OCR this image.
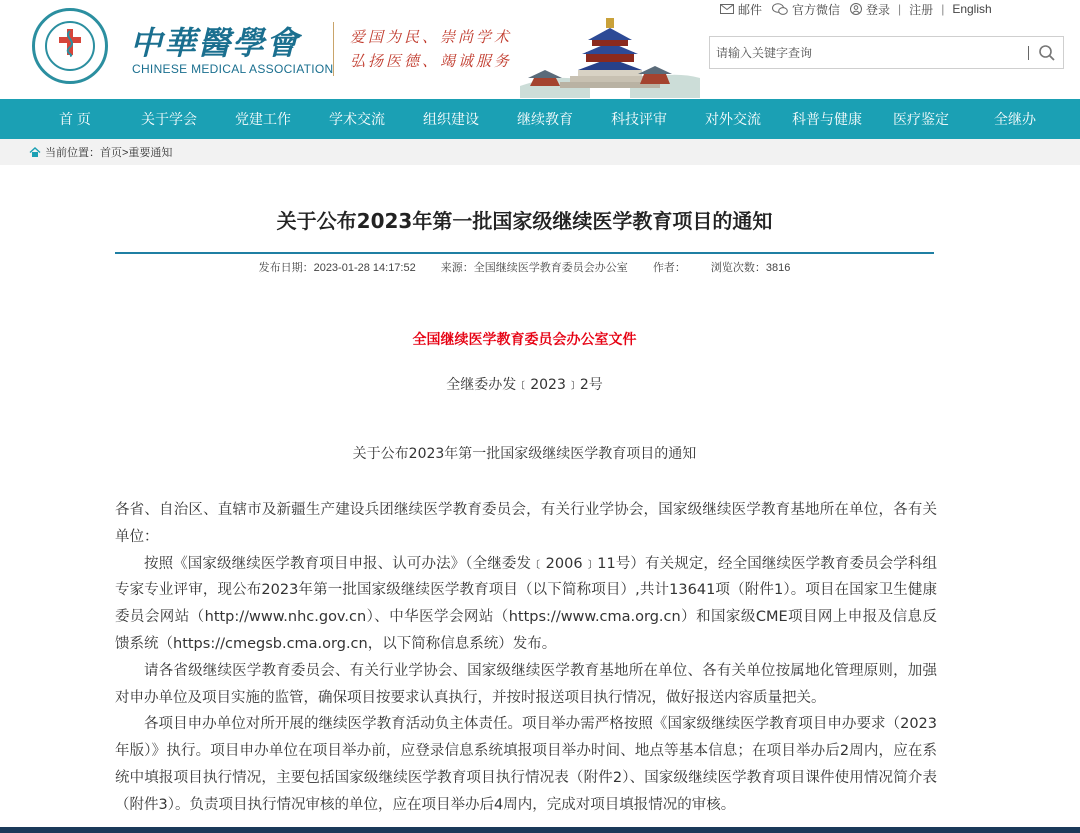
中華醫學會
CHINESE MEDICAL ASSOCIATION
爱国为民、崇尚学术
弘扬医德、竭诚服务
邮件	官方微信 登录 | 注册 | English
请输入关键字查询
首 页	关于学会	党建工作	学术交流	组织建设	继续教育	科技评审	对外交流 科普与健康 医疗鉴定	全继办
当前位置：首页>重要通知
关于公布2023年第一批国家级继续医学教育项目的通知
发布日期：2023-01-28 14:17:52 来源：全国继续医学教育委员会办公室 作者： 浏览次数：3816
全国继续医学教育委员会办公室文件
全继委办发﹝2023﹞2号
关于公布2023年第一批国家级继续医学教育项目的通知

各省、自治区、直辖市及新疆生产建设兵团继续医学教育委员会，有关行业学协会，国家级继续医学教育基地所在单位，各有关单位：

按照《国家级继续医学教育项目申报、认可办法》（全继委发﹝2006﹞11号）有关规定，经全国继续医学教育委员会学科组专家专业评审，现公布2023年第一批国家级继续医学教育项目（以下简称项目）,共计13641项（附件1）。项目在国家卫生健康委员会网站（http://www.nhc.gov.cn）、中华医学会网站（https://www.cma.org.cn）和国家级CME项目网上申报及信息反馈系统（https://cmegsb.cma.org.cn，以下简称信息系统）发布。

请各省级继续医学教育委员会、有关行业学协会、国家级继续医学教育基地所在单位、各有关单位按属地化管理原则，加强对申办单位及项目实施的监管，确保项目按要求认真执行，并按时报送项目执行情况，做好报送内容质量把关。

各项目申办单位对所开展的继续医学教育活动负主体责任。项目举办需严格按照《国家级继续医学教育项目申办要求（2023年版）》执行。项目申办单位在项目举办前，应登录信息系统填报项目举办时间、地点等基本信息；在项目举办后2周内，应在系统中填报项目执行情况，主要包括国家级继续医学教育项目执行情况表（附件2）、国家级继续医学教育项目课件使用情况简介表（附件3）。负责项目执行情况审核的单位，应在项目举办后4周内，完成对项目填报情况的审核。
